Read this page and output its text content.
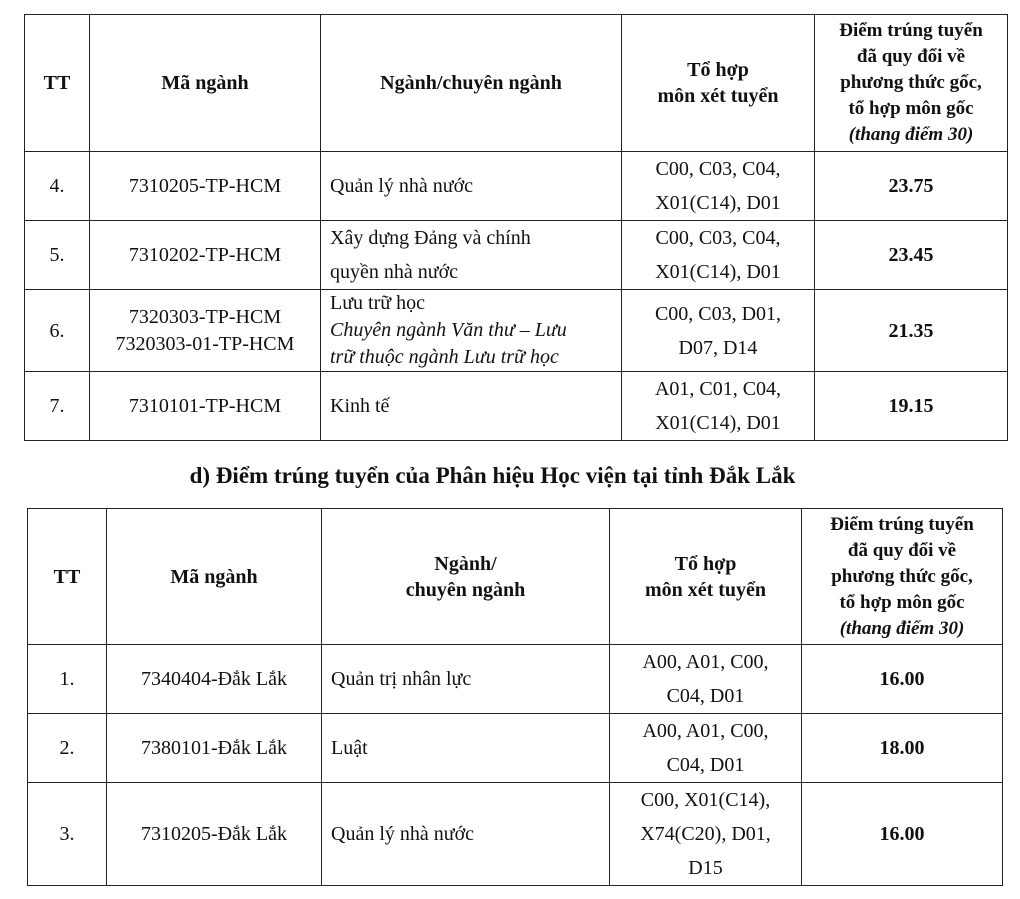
TT	Mã ngành	Ngành/chuyên ngành	Tổ hợp
môn xét tuyển	Điểm trúng tuyển
đã quy đổi về
phương thức gốc,
tổ hợp môn gốc
(thang điểm 30)

4.	7310205-TP-HCM	Quản lý nhà nước	C00, C03, C04,
X01(C14), D01	23.75
5.	7310202-TP-HCM	Xây dựng Đảng và chính
quyền nhà nước	C00, C03, C04,
X01(C14), D01	23.45
6.	7320303-TP-HCM
7320303-01-TP-HCM	Lưu trữ học
Chuyên ngành Văn thư – Lưu
trữ thuộc ngành Lưu trữ học	C00, C03, D01,
D07, D14	21.35
7.	7310101-TP-HCM	Kinh tế	A01, C01, C04,
X01(C14), D01	19.15
d) Điểm trúng tuyển của Phân hiệu Học viện tại tỉnh Đắk Lắk
TT	Mã ngành	Ngành/
chuyên ngành	Tổ hợp
môn xét tuyển	Điểm trúng tuyển
đã quy đổi về
phương thức gốc,
tổ hợp môn gốc
(thang điểm 30)

1.	7340404-Đắk Lắk	Quản trị nhân lực	A00, A01, C00,
C04, D01	16.00
2.	7380101-Đắk Lắk	Luật	A00, A01, C00,
C04, D01	18.00
3.	7310205-Đắk Lắk	Quản lý nhà nước	C00, X01(C14),
X74(C20), D01,
D15	16.00
